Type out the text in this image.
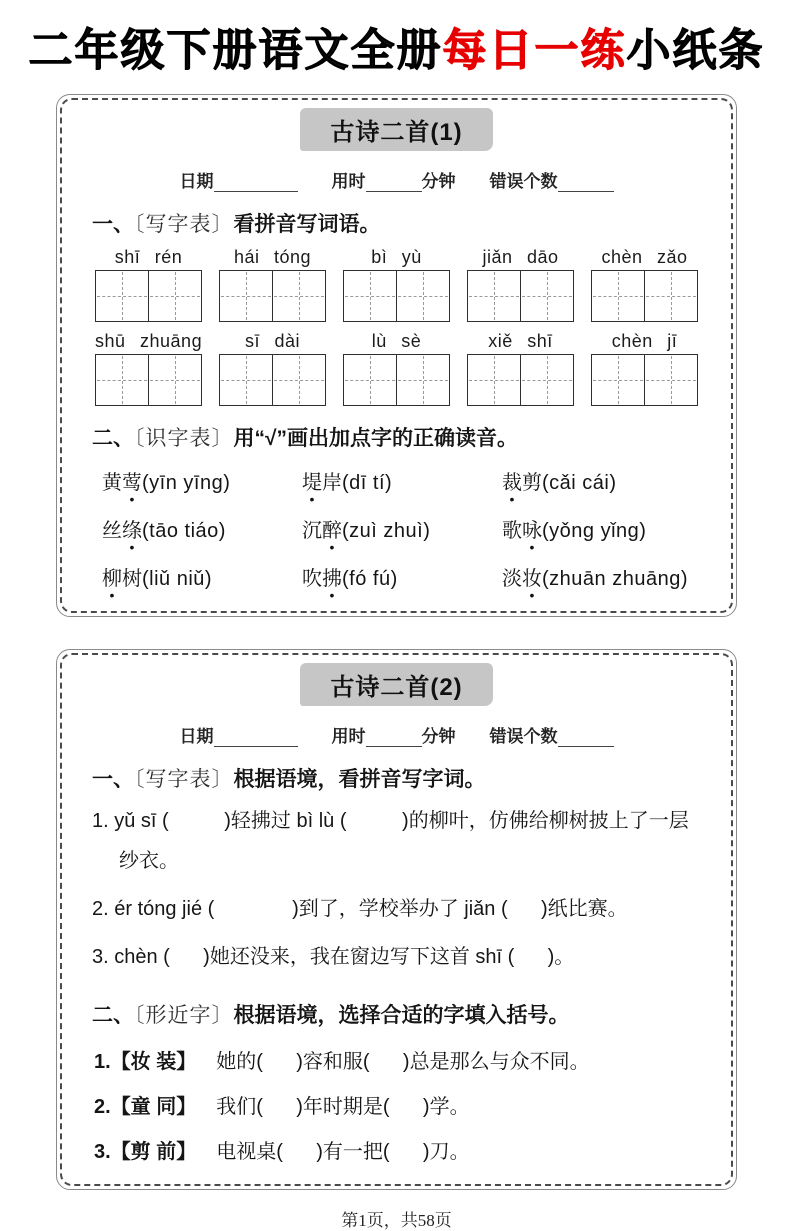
二年级下册语文全册每日一练小纸条
古诗二首(1)
日期	用时	分钟 错误个数
一、〔写字表〕看拼音写词语。
shī rén	hái tóng	bì yù	jiǎn dāo	chèn zǎo
shū zhuāng	sī dài	lù sè	xiě shī	chèn jī
二、〔识字表〕用“√”画出加点字的正确读音。
黄莺(yīn yīng)	堤岸(dī tí)	裁剪(cǎi cái)
丝绦(tāo tiáo)	沉醉(zuì zhuì)	歌咏(yǒng yǐng)
柳树(liǔ niǔ)	吹拂(fó fú)	淡妆(zhuān zhuāng)
古诗二首(2)
日期	用时	分钟 错误个数
一、〔写字表〕根据语境，看拼音写字词。
1. yǔ sī (          )轻拂过 bì lù (          )的柳叶，仿佛给柳树披上了一层纱衣。
2. ér tóng jié (              )到了，学校举办了 jiǎn (      )纸比赛。
3. chèn (      )她还没来，我在窗边写下这首 shī (      )。
二、〔形近字〕根据语境，选择合适的字填入括号。
1.【妆 装】 她的(      )容和服(      )总是那么与众不同。
2.【童 同】 我们(      )年时期是(      )学。
3.【剪 前】 电视桌(      )有一把(      )刀。
第1页，共58页
